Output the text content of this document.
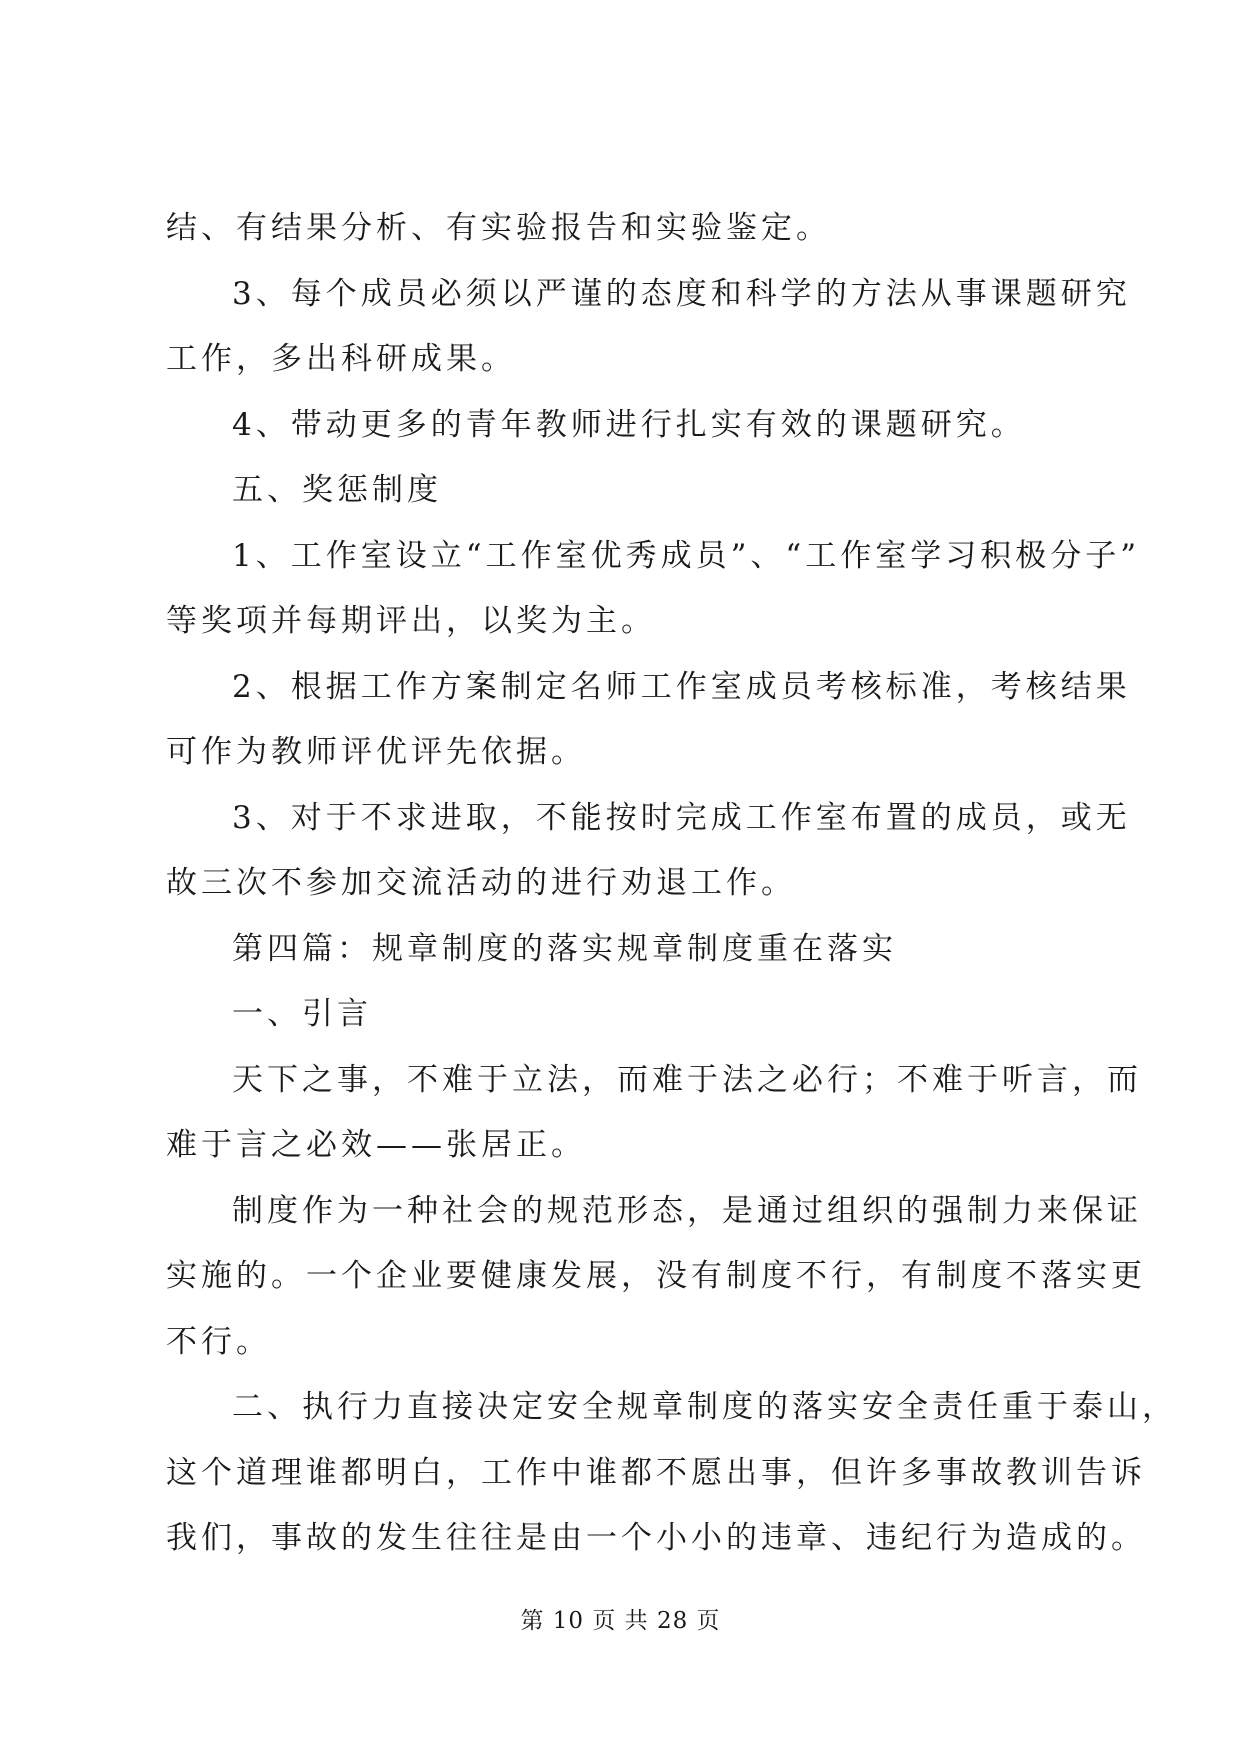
结、有结果分析、有实验报告和实验鉴定。
3、每个成员必须以严谨的态度和科学的方法从事课题研究
工作，多出科研成果。
4、带动更多的青年教师进行扎实有效的课题研究。
五、奖惩制度
1、工作室设立“工作室优秀成员”、“工作室学习积极分子”
等奖项并每期评出，以奖为主。
2、根据工作方案制定名师工作室成员考核标准，考核结果
可作为教师评优评先依据。
3、对于不求进取，不能按时完成工作室布置的成员，或无
故三次不参加交流活动的进行劝退工作。
第四篇：规章制度的落实规章制度重在落实
一、引言
天下之事，不难于立法，而难于法之必行；不难于听言，而
难于言之必效——张居正。
制度作为一种社会的规范形态，是通过组织的强制力来保证
实施的。一个企业要健康发展，没有制度不行，有制度不落实更
不行。
二、执行力直接决定安全规章制度的落实安全责任重于泰山，
这个道理谁都明白，工作中谁都不愿出事，但许多事故教训告诉
我们，事故的发生往往是由一个小小的违章、违纪行为造成的。
第 10 页 共 28 页
